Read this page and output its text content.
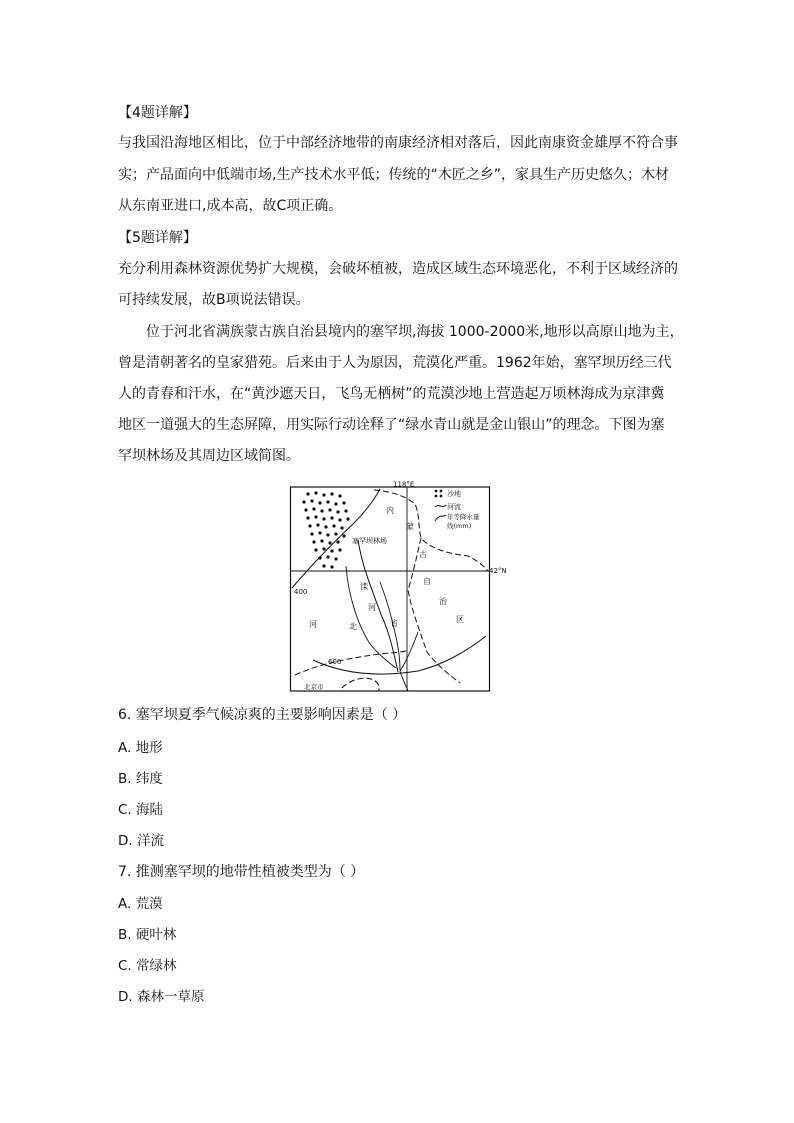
【4题详解】
与我国沿海地区相比，位于中部经济地带的南康经济相对落后，因此南康资金雄厚不符合事
实；产品面向中低端市场,生产技术水平低；传统的“木匠之乡”，家具生产历史悠久；木材
从东南亚进口,成本高，故C项正确。
【5题详解】
充分利用森林资源优势扩大规模，会破坏植被，造成区域生态环境恶化，不利于区域经济的
可持续发展，故B项说法错误。
位于河北省满族蒙古族自治县境内的塞罕坝,海拔 1000-2000米,地形以高原山地为主，
曾是清朝著名的皇家猎苑。后来由于人为原因，荒漠化严重。1962年始，塞罕坝历经三代
人的青春和汗水，在“黄沙遮天日，飞鸟无栖树”的荒漠沙地上营造起万顷林海成为京津冀
地区一道强大的生态屏障，用实际行动诠释了“绿水青山就是金山银山”的理念。下图为塞
罕坝林场及其周边区域简图。
118°E
42°N
400
600
塞罕坝林场
内
蒙
古
自
治
区
滦
河
河	北	省
北京市
沙地
河流
年等降水量
线(mm)
6. 塞罕坝夏季气候凉爽的主要影响因素是（ ）
A. 地形
B. 纬度
C. 海陆
D. 洋流
7. 推测塞罕坝的地带性植被类型为（ ）
A. 荒漠
B. 硬叶林
C. 常绿林
D. 森林一草原
